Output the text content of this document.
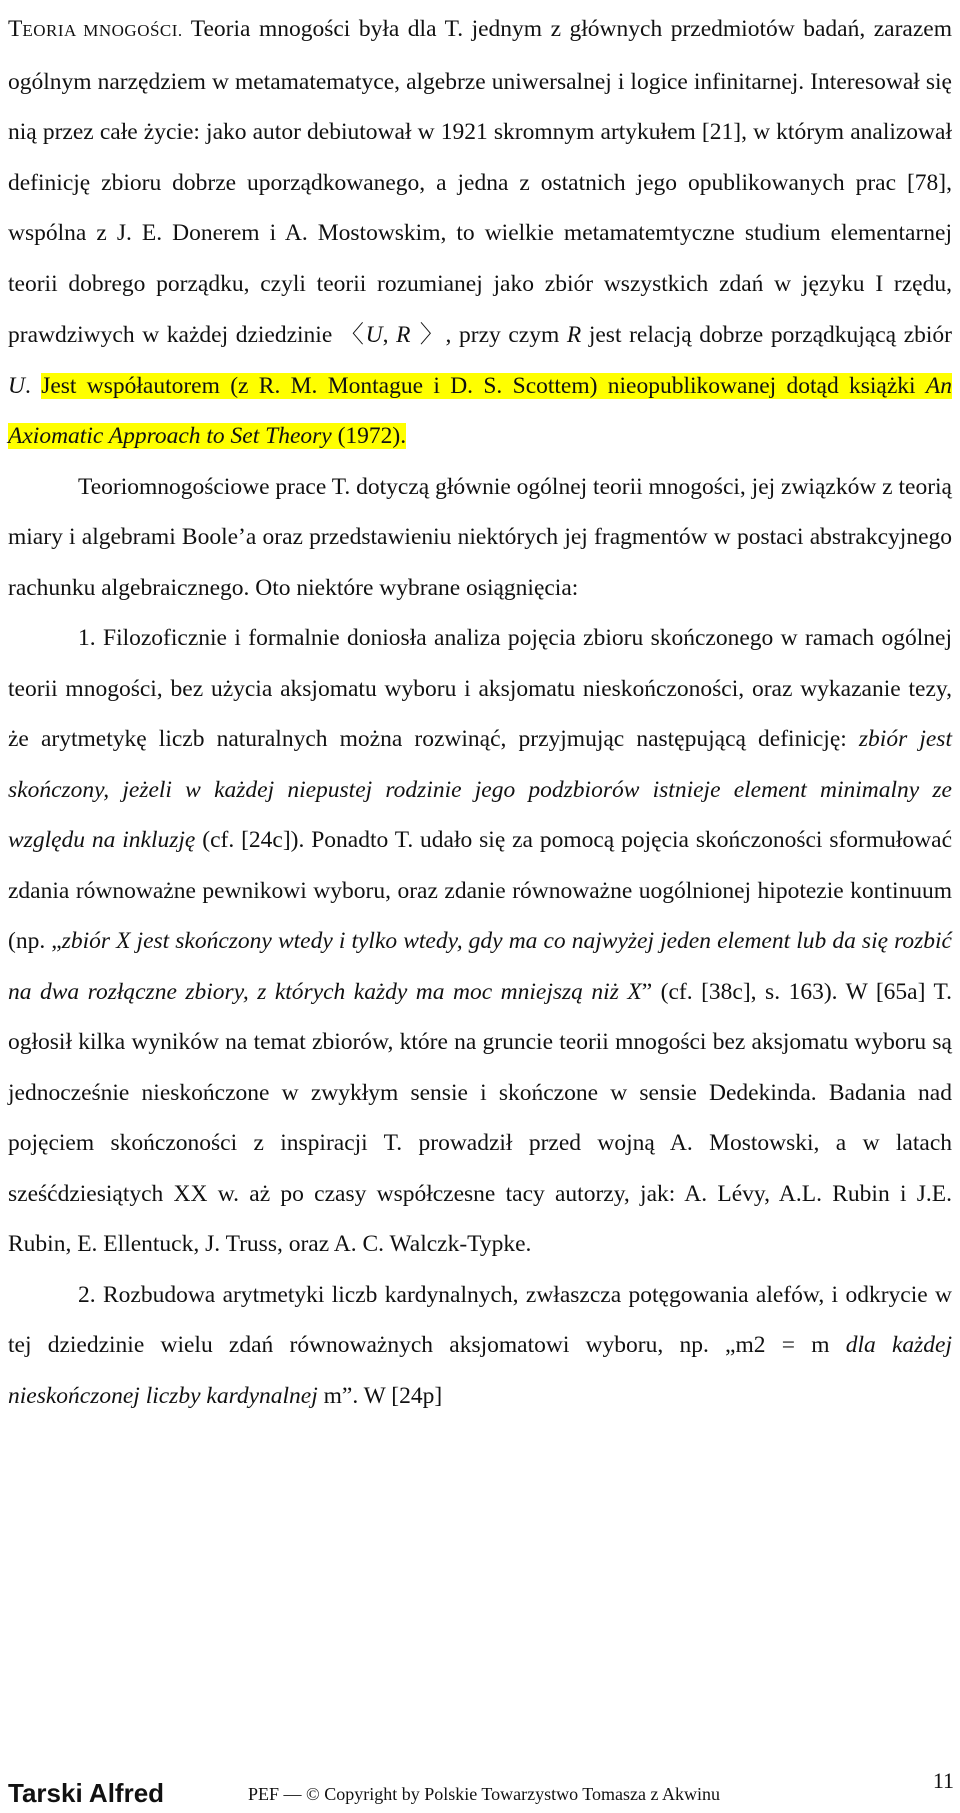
TEORIA MNOGOŚCI. Teoria mnogości była dla T. jednym z głównych przedmiotów badań, zarazem ogólnym narzędziem w metamatematyce, algebrze uniwersalnej i logice infinitarnej. Interesował się nią przez całe życie: jako autor debiutował w 1921 skromnym artykułem [21], w którym analizował definicję zbioru dobrze uporządkowanego, a jedna z ostatnich jego opublikowanych prac [78], wspólna z J. E. Donerem i A. Mostowskim, to wielkie metamatemtyczne studium elementarnej teorii dobrego porządku, czyli teorii rozumianej jako zbiór wszystkich zdań w języku I rzędu, prawdziwych w każdej dziedzinie 〈U, R 〉, przy czym R jest relacją dobrze porządkującą zbiór U. Jest współautorem (z R. M. Montague i D. S. Scottem) nieopublikowanej dotąd książki An Axiomatic Approach to Set Theory (1972).

Teoriomnogościowe prace T. dotyczą głównie ogólnej teorii mnogości, jej związków z teorią miary i algebrami Boole’a oraz przedstawieniu niektórych jej fragmentów w postaci abstrakcyjnego rachunku algebraicznego. Oto niektóre wybrane osiągnięcia:

1. Filozoficznie i formalnie doniosła analiza pojęcia zbioru skończonego w ramach ogólnej teorii mnogości, bez użycia aksjomatu wyboru i aksjomatu nieskończoności, oraz wykazanie tezy, że arytmetykę liczb naturalnych można rozwinąć, przyjmując następującą definicję: zbiór jest skończony, jeżeli w każdej niepustej rodzinie jego podzbiorów istnieje element minimalny ze względu na inkluzję (cf. [24c]). Ponadto T. udało się za pomocą pojęcia skończoności sformułować zdania równoważne pewnikowi wyboru, oraz zdanie równoważne uogólnionej hipotezie kontinuum (np. „zbiór X jest skończony wtedy i tylko wtedy, gdy ma co najwyżej jeden element lub da się rozbić na dwa rozłączne zbiory, z których każdy ma moc mniejszą niż X” (cf. [38c], s. 163). W [65a] T. ogłosił kilka wyników na temat zbiorów, które na gruncie teorii mnogości bez aksjomatu wyboru są jednocześnie nieskończone w zwykłym sensie i skończone w sensie Dedekinda. Badania nad pojęciem skończoności z inspiracji T. prowadził przed wojną A. Mostowski, a w latach sześćdziesiątych XX w. aż po czasy współczesne tacy autorzy, jak: A. Lévy, A.L. Rubin i J.E. Rubin, E. Ellentuck, J. Truss, oraz A. C. Walczk-Typke.

2. Rozbudowa arytmetyki liczb kardynalnych, zwłaszcza potęgowania alefów, i odkrycie w tej dziedzinie wielu zdań równoważnych aksjomatowi wyboru, np. „m2 = m dla każdej nieskończonej liczby kardynalnej m”. W [24p]

Tarski Alfred	PEF — © Copyright by Polskie Towarzystwo Tomasza z Akwinu
11
